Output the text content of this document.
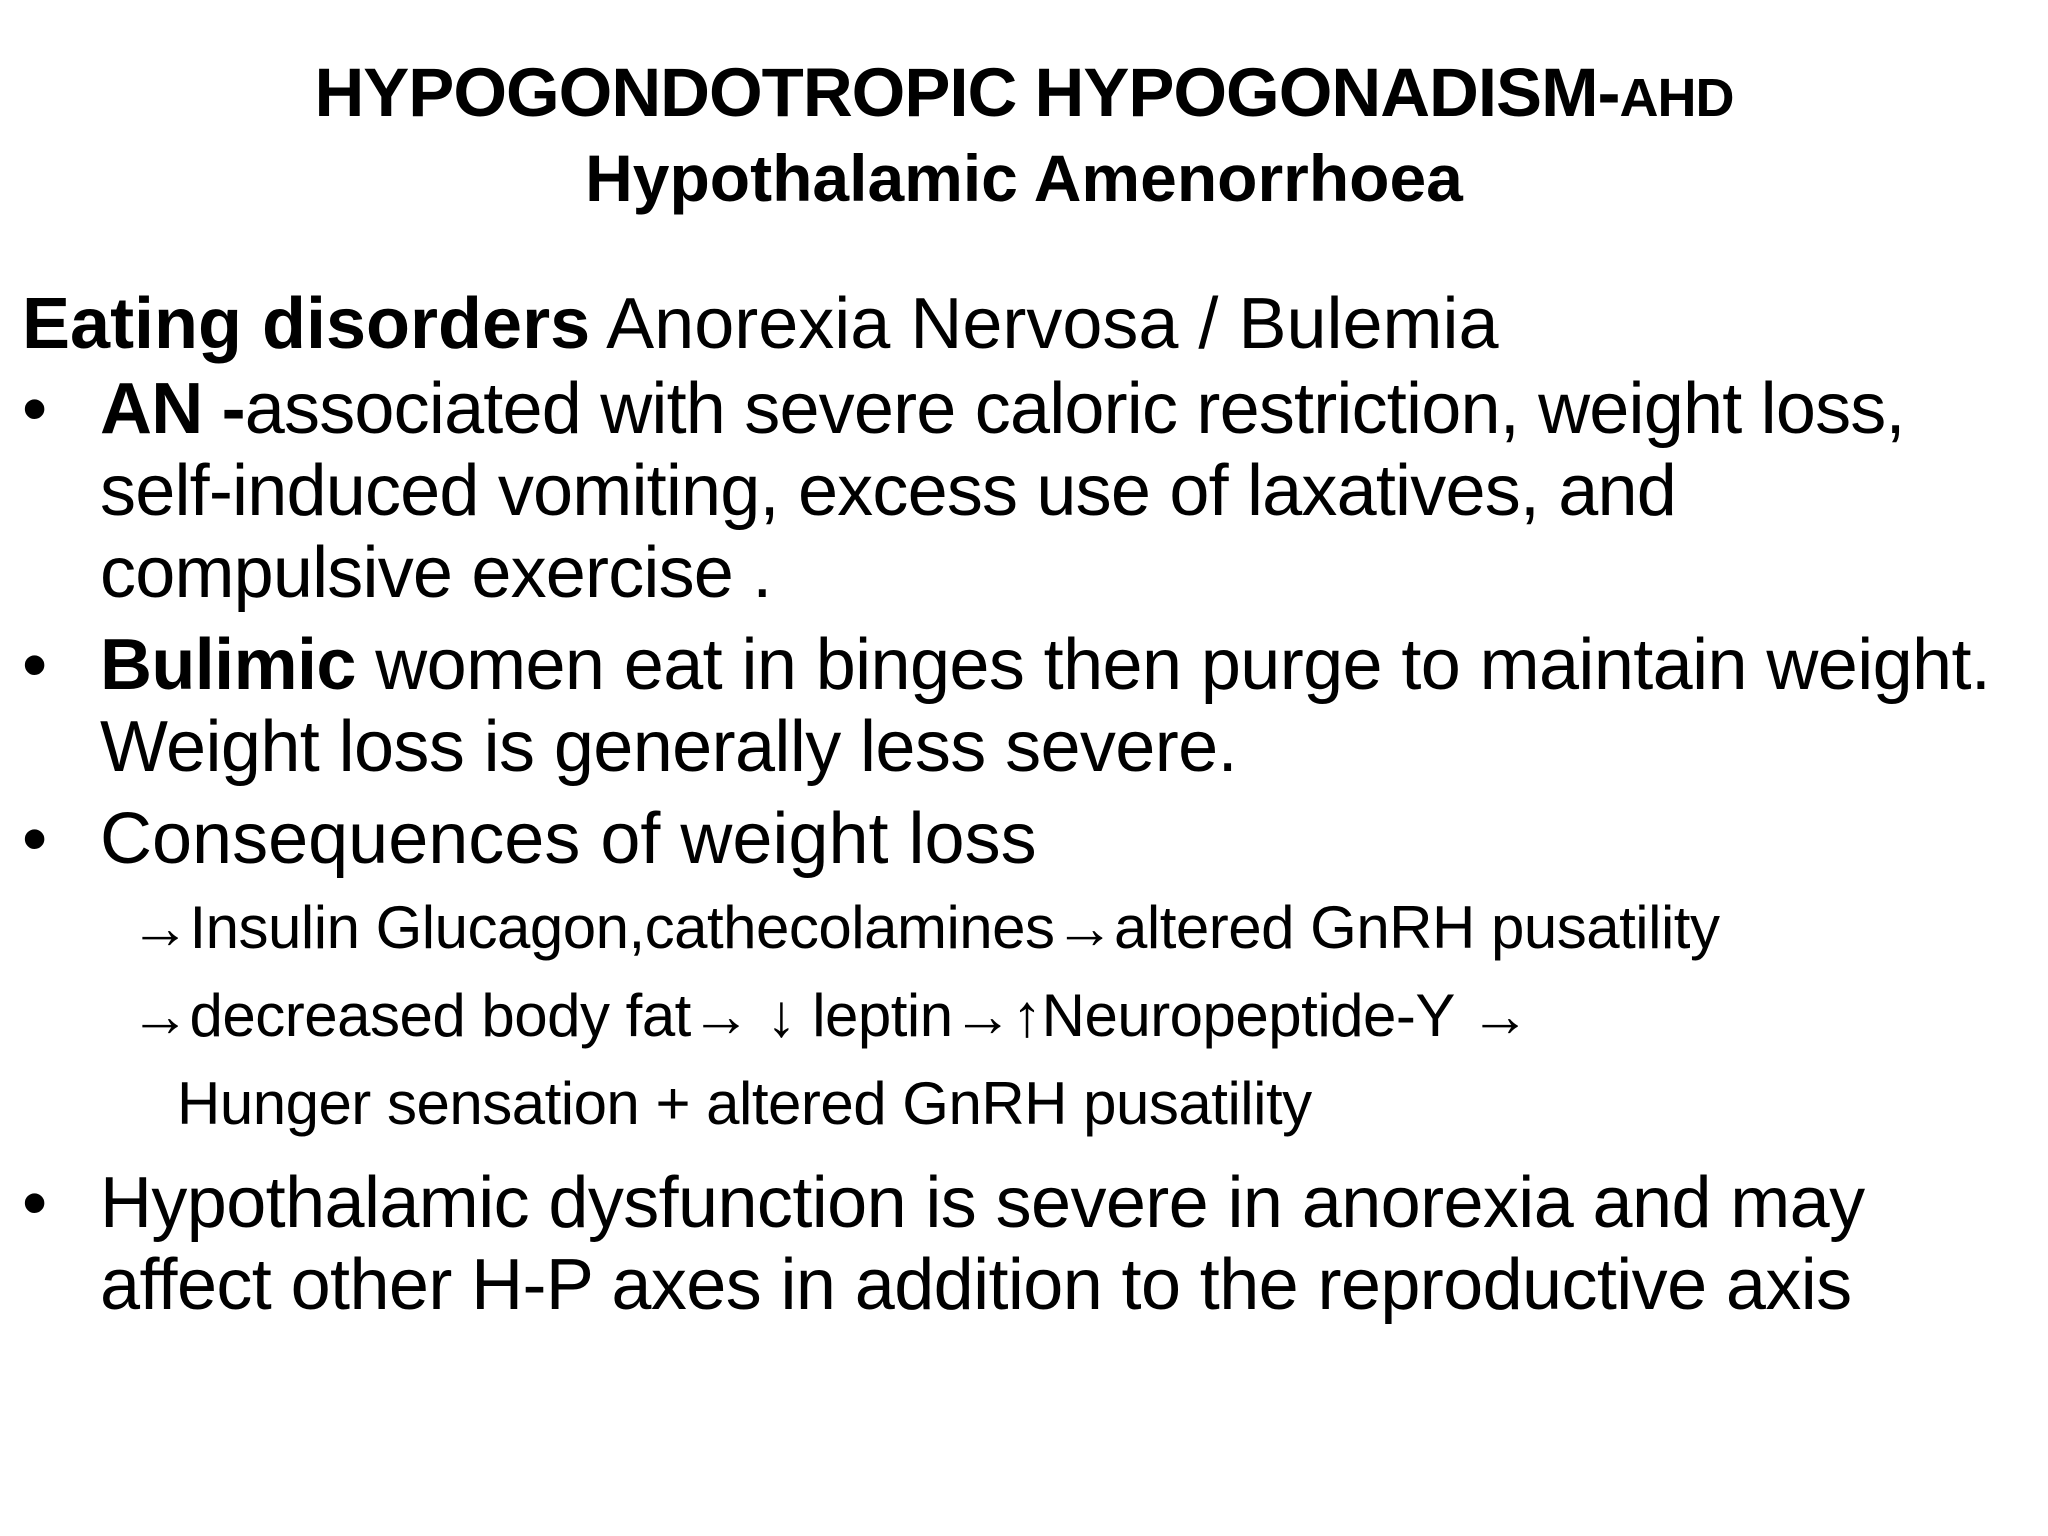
HYPOGONDOTROPIC HYPOGONADISM-AHD
Hypothalamic Amenorrhoea
Eating disorders Anorexia Nervosa / Bulemia
• AN -associated with severe caloric restriction, weight loss, self-induced vomiting, excess use of laxatives, and compulsive exercise .
• Bulimic women eat in binges then purge to maintain weight. Weight loss is generally less severe.
• Consequences of weight loss
→Insulin Glucagon,cathecolamines→altered GnRH pusatility
→decreased body fat→ ↓ leptin→↑Neuropeptide-Y →
Hunger sensation + altered GnRH pusatility
• Hypothalamic dysfunction is severe in anorexia and may affect other H-P axes in addition to the reproductive axis
